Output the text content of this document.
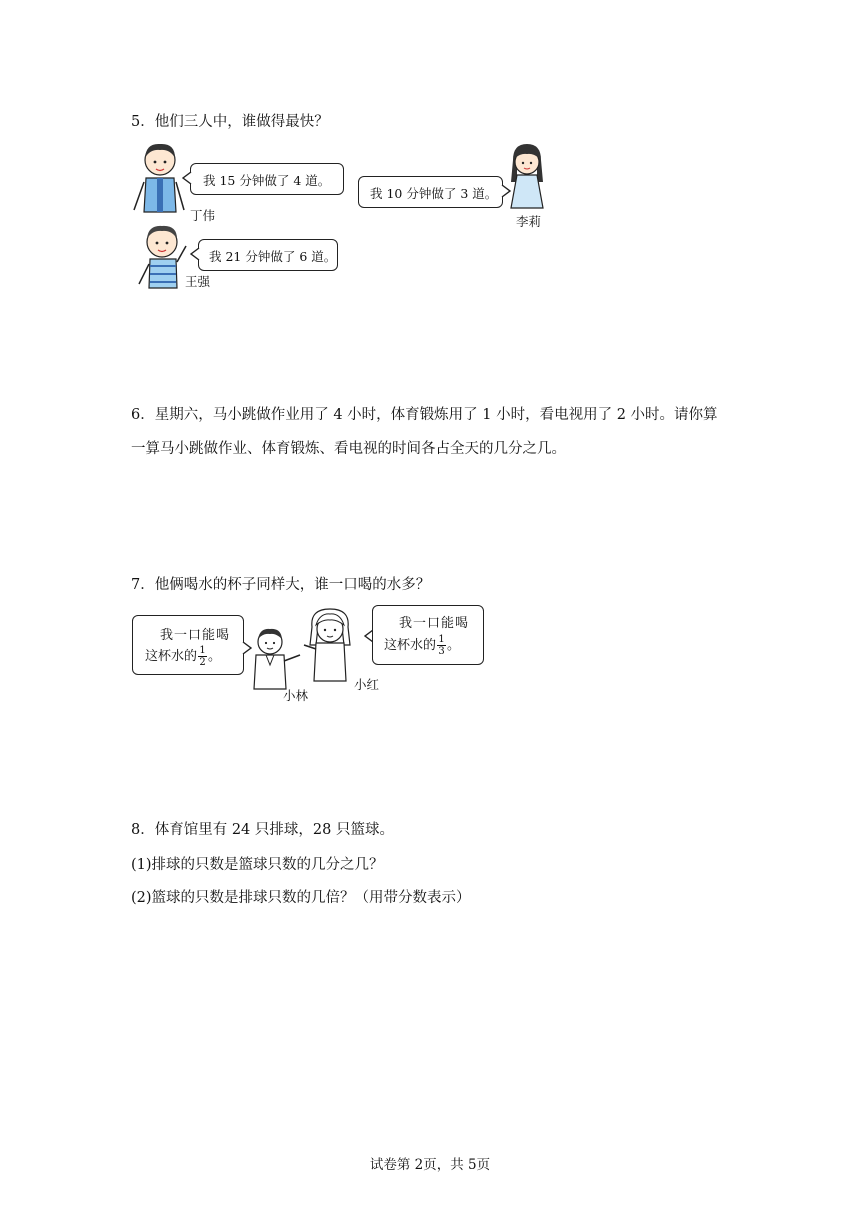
5．他们三人中，谁做得最快？
丁伟
我 15 分钟做了 4 道。
王强
我 21 分钟做了 6 道。
我 10 分钟做了 3 道。
李莉
6．星期六，马小跳做作业用了 4 小时，体育锻炼用了 1 小时，看电视用了 2 小时。请你算
一算马小跳做作业、体育锻炼、看电视的时间各占全天的几分之几。
7．他俩喝水的杯子同样大，谁一口喝的水多？
我一口能喝
这杯水的 $\frac{1}{2}$ 。
小林
小红
我一口能喝
这杯水的 $\frac{1}{3}$ 。
8．体育馆里有 24 只排球，28 只篮球。
(1)排球的只数是篮球只数的几分之几？
(2)篮球的只数是排球只数的几倍？（用带分数表示）
试卷第 2页，共 5页
